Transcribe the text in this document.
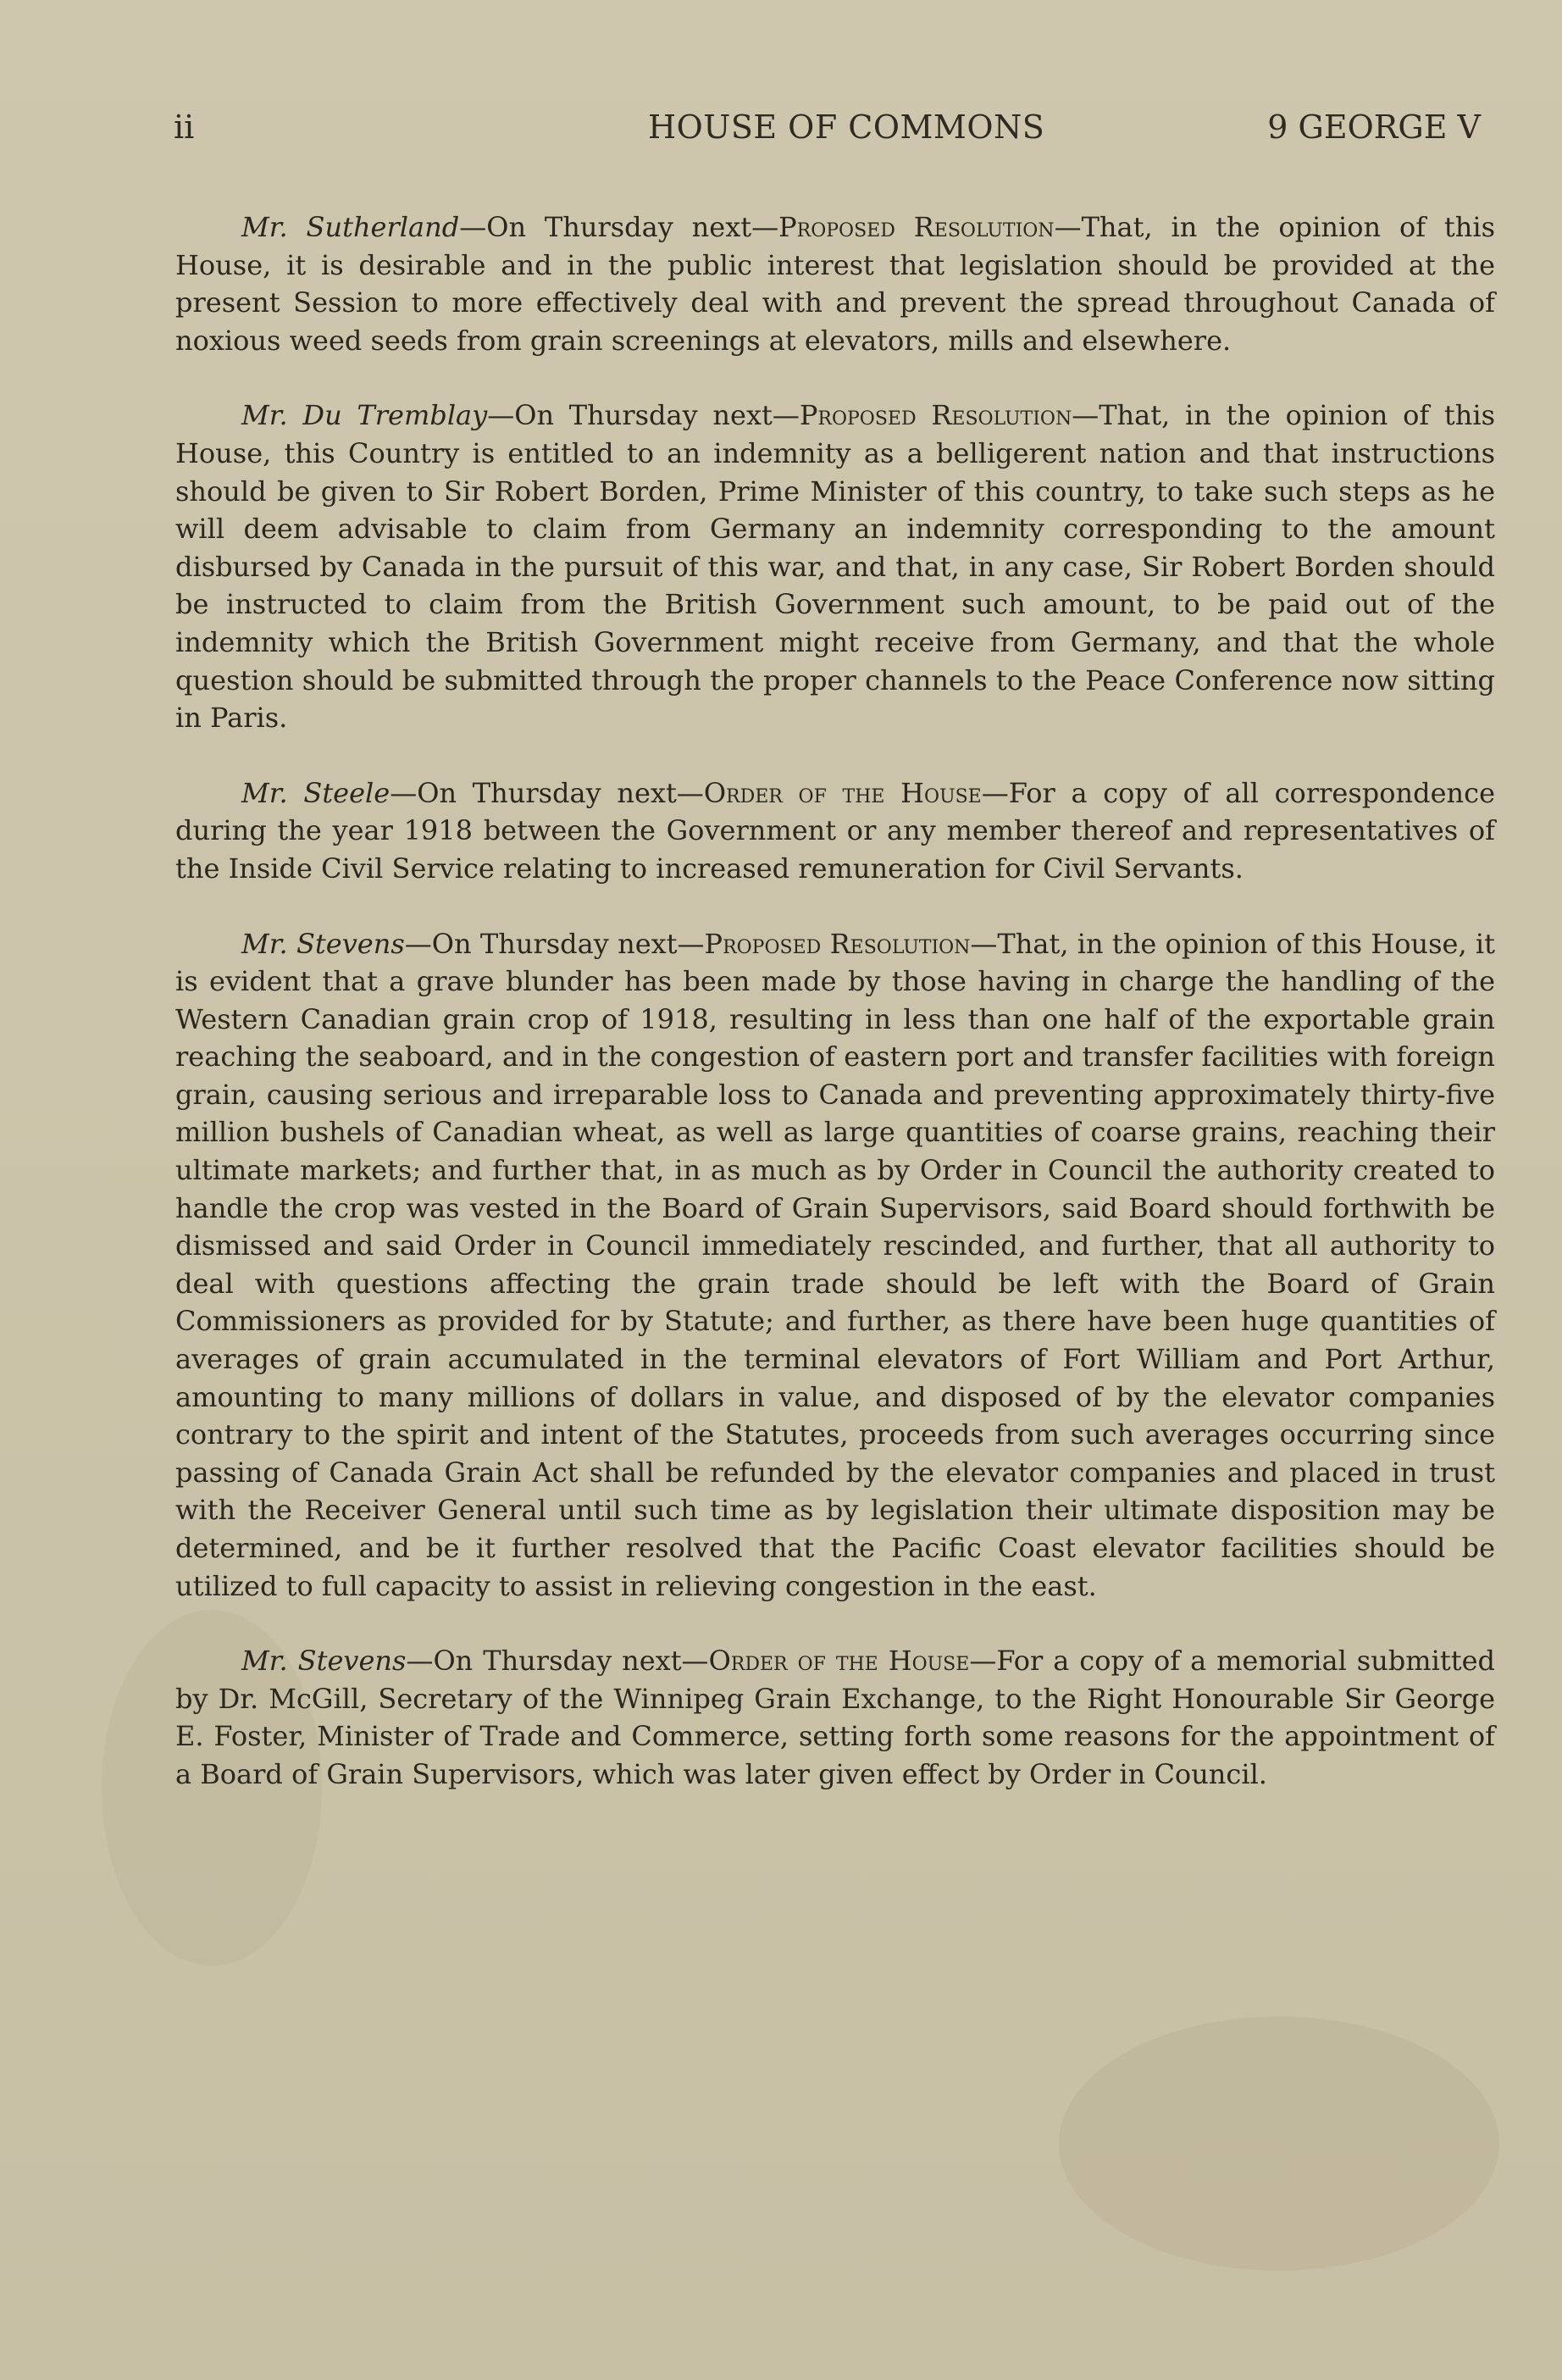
ii	HOUSE OF COMMONS	9 GEORGE V

Mr. Sutherland—On Thursday next—Proposed Resolution—That, in the opinion of this House, it is desirable and in the public interest that legislation should be provided at the present Session to more effectively deal with and prevent the spread throughout Canada of noxious weed seeds from grain screenings at elevators, mills and elsewhere.

Mr. Du Tremblay—On Thursday next—Proposed Resolution—That, in the opinion of this House, this Country is entitled to an indemnity as a belligerent nation and that instructions should be given to Sir Robert Borden, Prime Minister of this country, to take such steps as he will deem advisable to claim from Germany an indemnity corresponding to the amount disbursed by Canada in the pursuit of this war, and that, in any case, Sir Robert Borden should be instructed to claim from the British Government such amount, to be paid out of the indemnity which the British Government might receive from Germany, and that the whole question should be submitted through the proper channels to the Peace Conference now sitting in Paris.

Mr. Steele—On Thursday next—Order of the House—For a copy of all correspondence during the year 1918 between the Government or any member thereof and representatives of the Inside Civil Service relating to increased remuneration for Civil Servants.

Mr. Stevens—On Thursday next—Proposed Resolution—That, in the opinion of this House, it is evident that a grave blunder has been made by those having in charge the handling of the Western Canadian grain crop of 1918, resulting in less than one half of the exportable grain reaching the seaboard, and in the congestion of eastern port and transfer facilities with foreign grain, causing serious and irreparable loss to Canada and preventing approximately thirty-five million bushels of Canadian wheat, as well as large quantities of coarse grains, reaching their ultimate markets; and further that, in as much as by Order in Council the authority created to handle the crop was vested in the Board of Grain Supervisors, said Board should forthwith be dismissed and said Order in Council immediately rescinded, and further, that all authority to deal with questions affecting the grain trade should be left with the Board of Grain Commissioners as provided for by Statute; and further, as there have been huge quantities of averages of grain accumulated in the terminal elevators of Fort William and Port Arthur, amounting to many millions of dollars in value, and disposed of by the elevator companies contrary to the spirit and intent of the Statutes, proceeds from such averages occurring since passing of Canada Grain Act shall be refunded by the elevator companies and placed in trust with the Receiver General until such time as by legislation their ultimate disposition may be determined, and be it further resolved that the Pacific Coast elevator facilities should be utilized to full capacity to assist in relieving congestion in the east.

Mr. Stevens—On Thursday next—Order of the House—For a copy of a memorial submitted by Dr. McGill, Secretary of the Winnipeg Grain Exchange, to the Right Honourable Sir George E. Foster, Minister of Trade and Commerce, setting forth some reasons for the appointment of a Board of Grain Supervisors, which was later given effect by Order in Council.
